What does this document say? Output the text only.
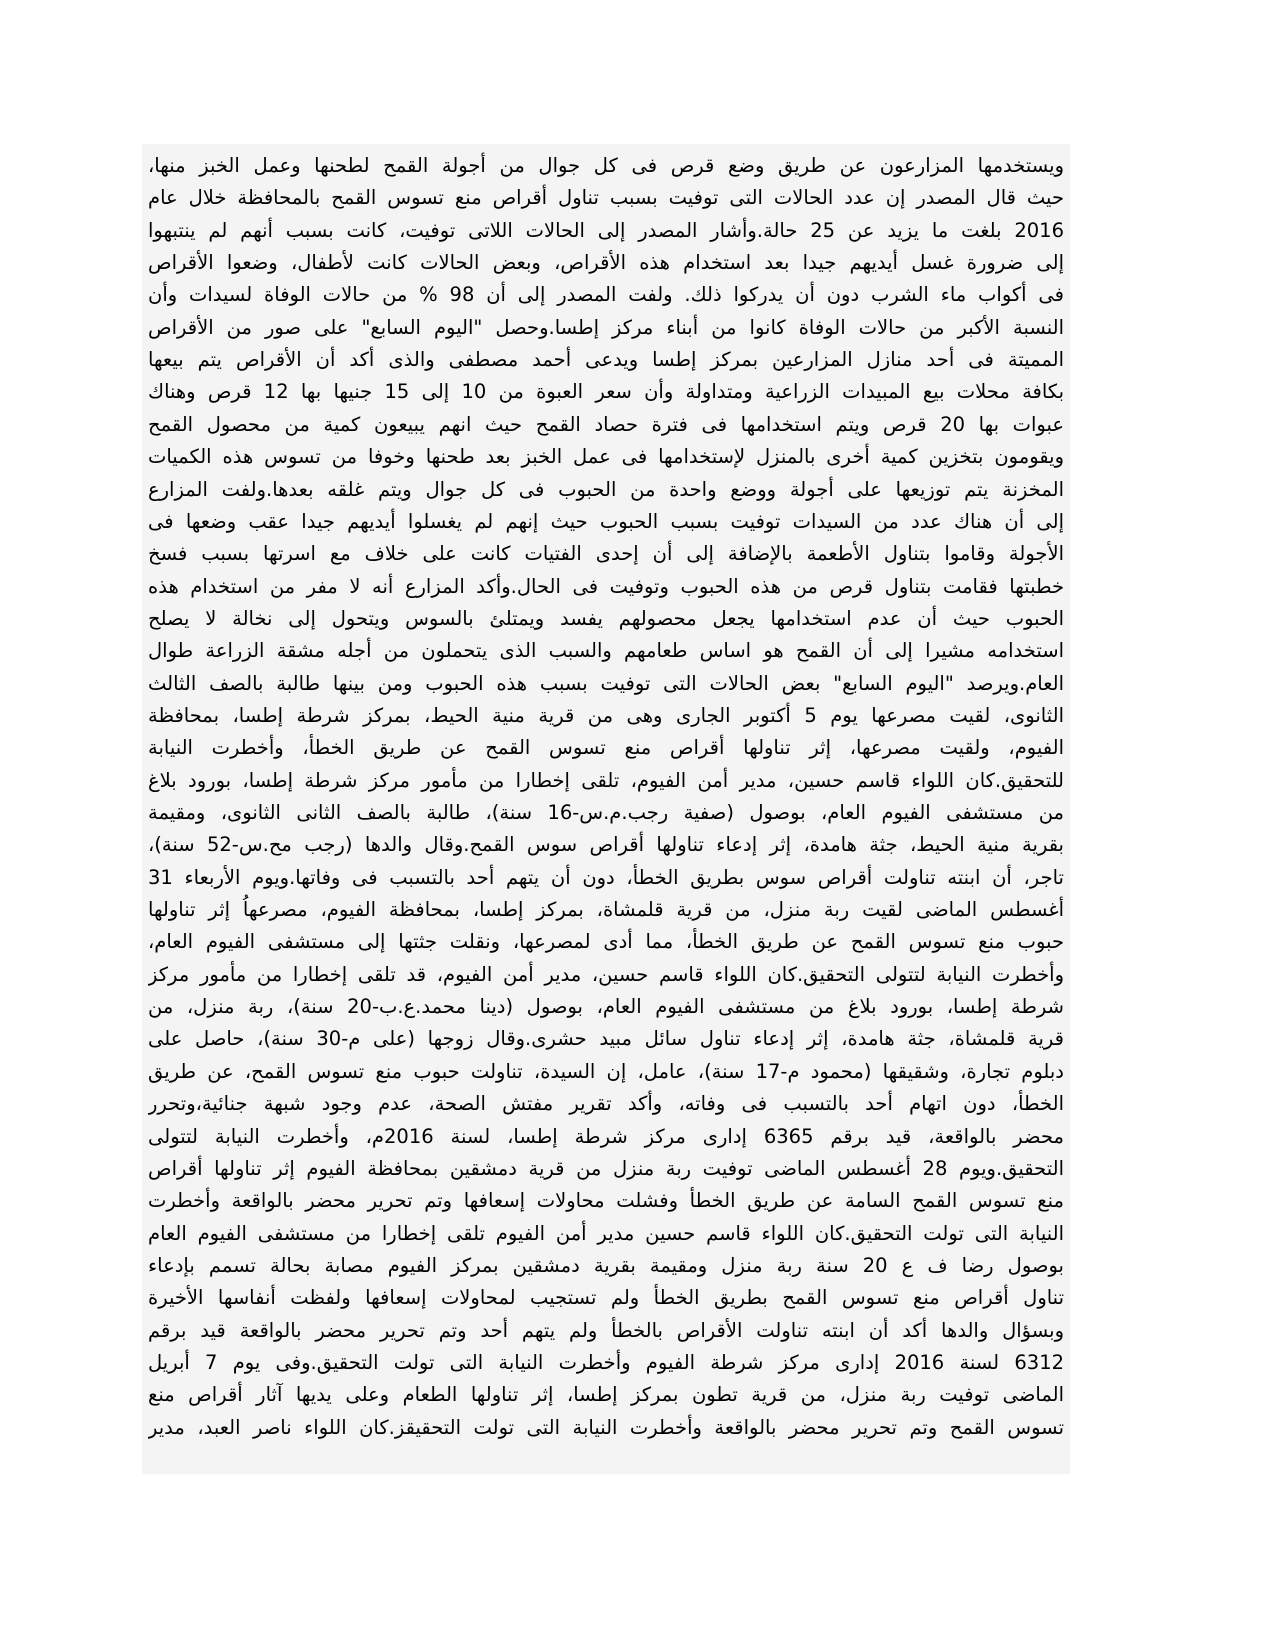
ويستخدمها المزارعون عن طريق وضع قرص فى كل جوال من أجولة القمح لطحنها وعمل الخبز منها،
حيث قال المصدر إن عدد الحالات التى توفيت بسبب تناول أقراص منع تسوس القمح بالمحافظة خلال عام
2016 بلغت ما يزيد عن 25 حالة.وأشار المصدر إلى الحالات اللاتى توفيت، كانت بسبب أنهم لم ينتبهوا
إلى ضرورة غسل أيديهم جيدا بعد استخدام هذه الأقراص، وبعض الحالات كانت لأطفال، وضعوا الأقراص
فى أكواب ماء الشرب دون أن يدركوا ذلك. ولفت المصدر إلى أن 98 % من حالات الوفاة لسيدات وأن
النسبة الأكبر من حالات الوفاة كانوا من أبناء مركز إطسا.وحصل "اليوم السابع" على صور من الأقراص
المميتة فى أحد منازل المزارعين بمركز إطسا ويدعى أحمد مصطفى والذى أكد أن الأقراص يتم بيعها
بكافة محلات بيع المبيدات الزراعية ومتداولة وأن سعر العبوة من 10 إلى 15 جنيها بها 12 قرص وهناك
عبوات بها 20 قرص ويتم استخدامها فى فترة حصاد القمح حيث انهم يبيعون كمية من محصول القمح
ويقومون بتخزين كمية أخرى بالمنزل لإستخدامها فى عمل الخبز بعد طحنها وخوفا من تسوس هذه الكميات
المخزنة يتم توزيعها على أجولة ووضع واحدة من الحبوب فى كل جوال ويتم غلقه بعدها.ولفت المزارع
إلى أن هناك عدد من السيدات توفيت بسبب الحبوب حيث إنهم لم يغسلوا أيديهم جيدا عقب وضعها فى
الأجولة وقاموا بتناول الأطعمة بالإضافة إلى أن إحدى الفتيات كانت على خلاف مع اسرتها بسبب فسخ
خطبتها فقامت بتناول قرص من هذه الحبوب وتوفيت فى الحال.وأكد المزارع أنه لا مفر من استخدام هذه
الحبوب حيث أن عدم استخدامها يجعل محصولهم يفسد ويمتلئ بالسوس ويتحول إلى نخالة لا يصلح
استخدامه مشيرا إلى أن القمح هو اساس طعامهم والسبب الذى يتحملون من أجله مشقة الزراعة طوال
العام.ويرصد "اليوم السابع" بعض الحالات التى توفيت بسبب هذه الحبوب ومن بينها طالبة بالصف الثالث
الثانوى، لقيت مصرعها يوم 5 أكتوبر الجارى وهى من قرية منية الحيط، بمركز شرطة إطسا، بمحافظة
الفيوم، ولقيت مصرعها، إثر تناولها أقراص منع تسوس القمح عن طريق الخطأ، وأخطرت النيابة
للتحقيق.كان اللواء قاسم حسين، مدير أمن الفيوم، تلقى إخطارا من مأمور مركز شرطة إطسا، بورود بلاغ
من مستشفى الفيوم العام، بوصول (صفية رجب.م.س-16 سنة)، طالبة بالصف الثانى الثانوى، ومقيمة
بقرية منية الحيط، جثة هامدة، إثر إدعاء تناولها أقراص سوس القمح.وقال والدها (رجب مح.س-52 سنة)،
تاجر، أن ابنته تناولت أقراص سوس بطريق الخطأ، دون أن يتهم أحد بالتسبب فى وفاتها.ويوم الأربعاء 31
أغسطس الماضى لقيت ربة منزل، من قرية قلمشاة، بمركز إطسا، بمحافظة الفيوم، مصرعهاُ إثر تناولها
حبوب منع تسوس القمح عن طريق الخطأ، مما أدى لمصرعها، ونقلت جثتها إلى مستشفى الفيوم العام،
وأخطرت النيابة لتتولى التحقيق.كان اللواء قاسم حسين، مدير أمن الفيوم، قد تلقى إخطارا من مأمور مركز
شرطة إطسا، بورود بلاغ من مستشفى الفيوم العام، بوصول (دينا محمد.ع.ب-20 سنة)، ربة منزل، من
قرية قلمشاة، جثة هامدة، إثر إدعاء تناول سائل مبيد حشرى.وقال زوجها (على م-30 سنة)، حاصل على
دبلوم تجارة، وشقيقها (محمود م-17 سنة)، عامل، إن السيدة، تناولت حبوب منع تسوس القمح، عن طريق
الخطأ، دون اتهام أحد بالتسبب فى وفاته، وأكد تقرير مفتش الصحة، عدم وجود شبهة جنائية،وتحرر
محضر بالواقعة، قيد برقم 6365 إدارى مركز شرطة إطسا، لسنة 2016م، وأخطرت النيابة لتتولى
التحقيق.ويوم 28 أغسطس الماضى توفيت ربة منزل من قرية دمشقين بمحافظة الفيوم إثر تناولها أقراص
منع تسوس القمح السامة عن طريق الخطأ وفشلت محاولات إسعافها وتم تحرير محضر بالواقعة وأخطرت
النيابة التى تولت التحقيق.كان اللواء قاسم حسين مدير أمن الفيوم تلقى إخطارا من مستشفى الفيوم العام
بوصول رضا ف ع 20 سنة ربة منزل ومقيمة بقرية دمشقين بمركز الفيوم مصابة بحالة تسمم بإدعاء
تناول أقراص منع تسوس القمح بطريق الخطأ ولم تستجيب لمحاولات إسعافها ولفظت أنفاسها الأخيرة
وبسؤال والدها أكد أن ابنته تناولت الأقراص بالخطأ ولم يتهم أحد وتم تحرير محضر بالواقعة قيد برقم
6312 لسنة 2016 إدارى مركز شرطة الفيوم وأخطرت النيابة التى تولت التحقيق.وفى يوم 7 أبريل
الماضى توفيت ربة منزل، من قرية تطون بمركز إطسا، إثر تناولها الطعام وعلى يديها آثار أقراص منع
تسوس القمح وتم تحرير محضر بالواقعة وأخطرت النيابة التى تولت التحقيقز.كان اللواء ناصر العبد، مدير
